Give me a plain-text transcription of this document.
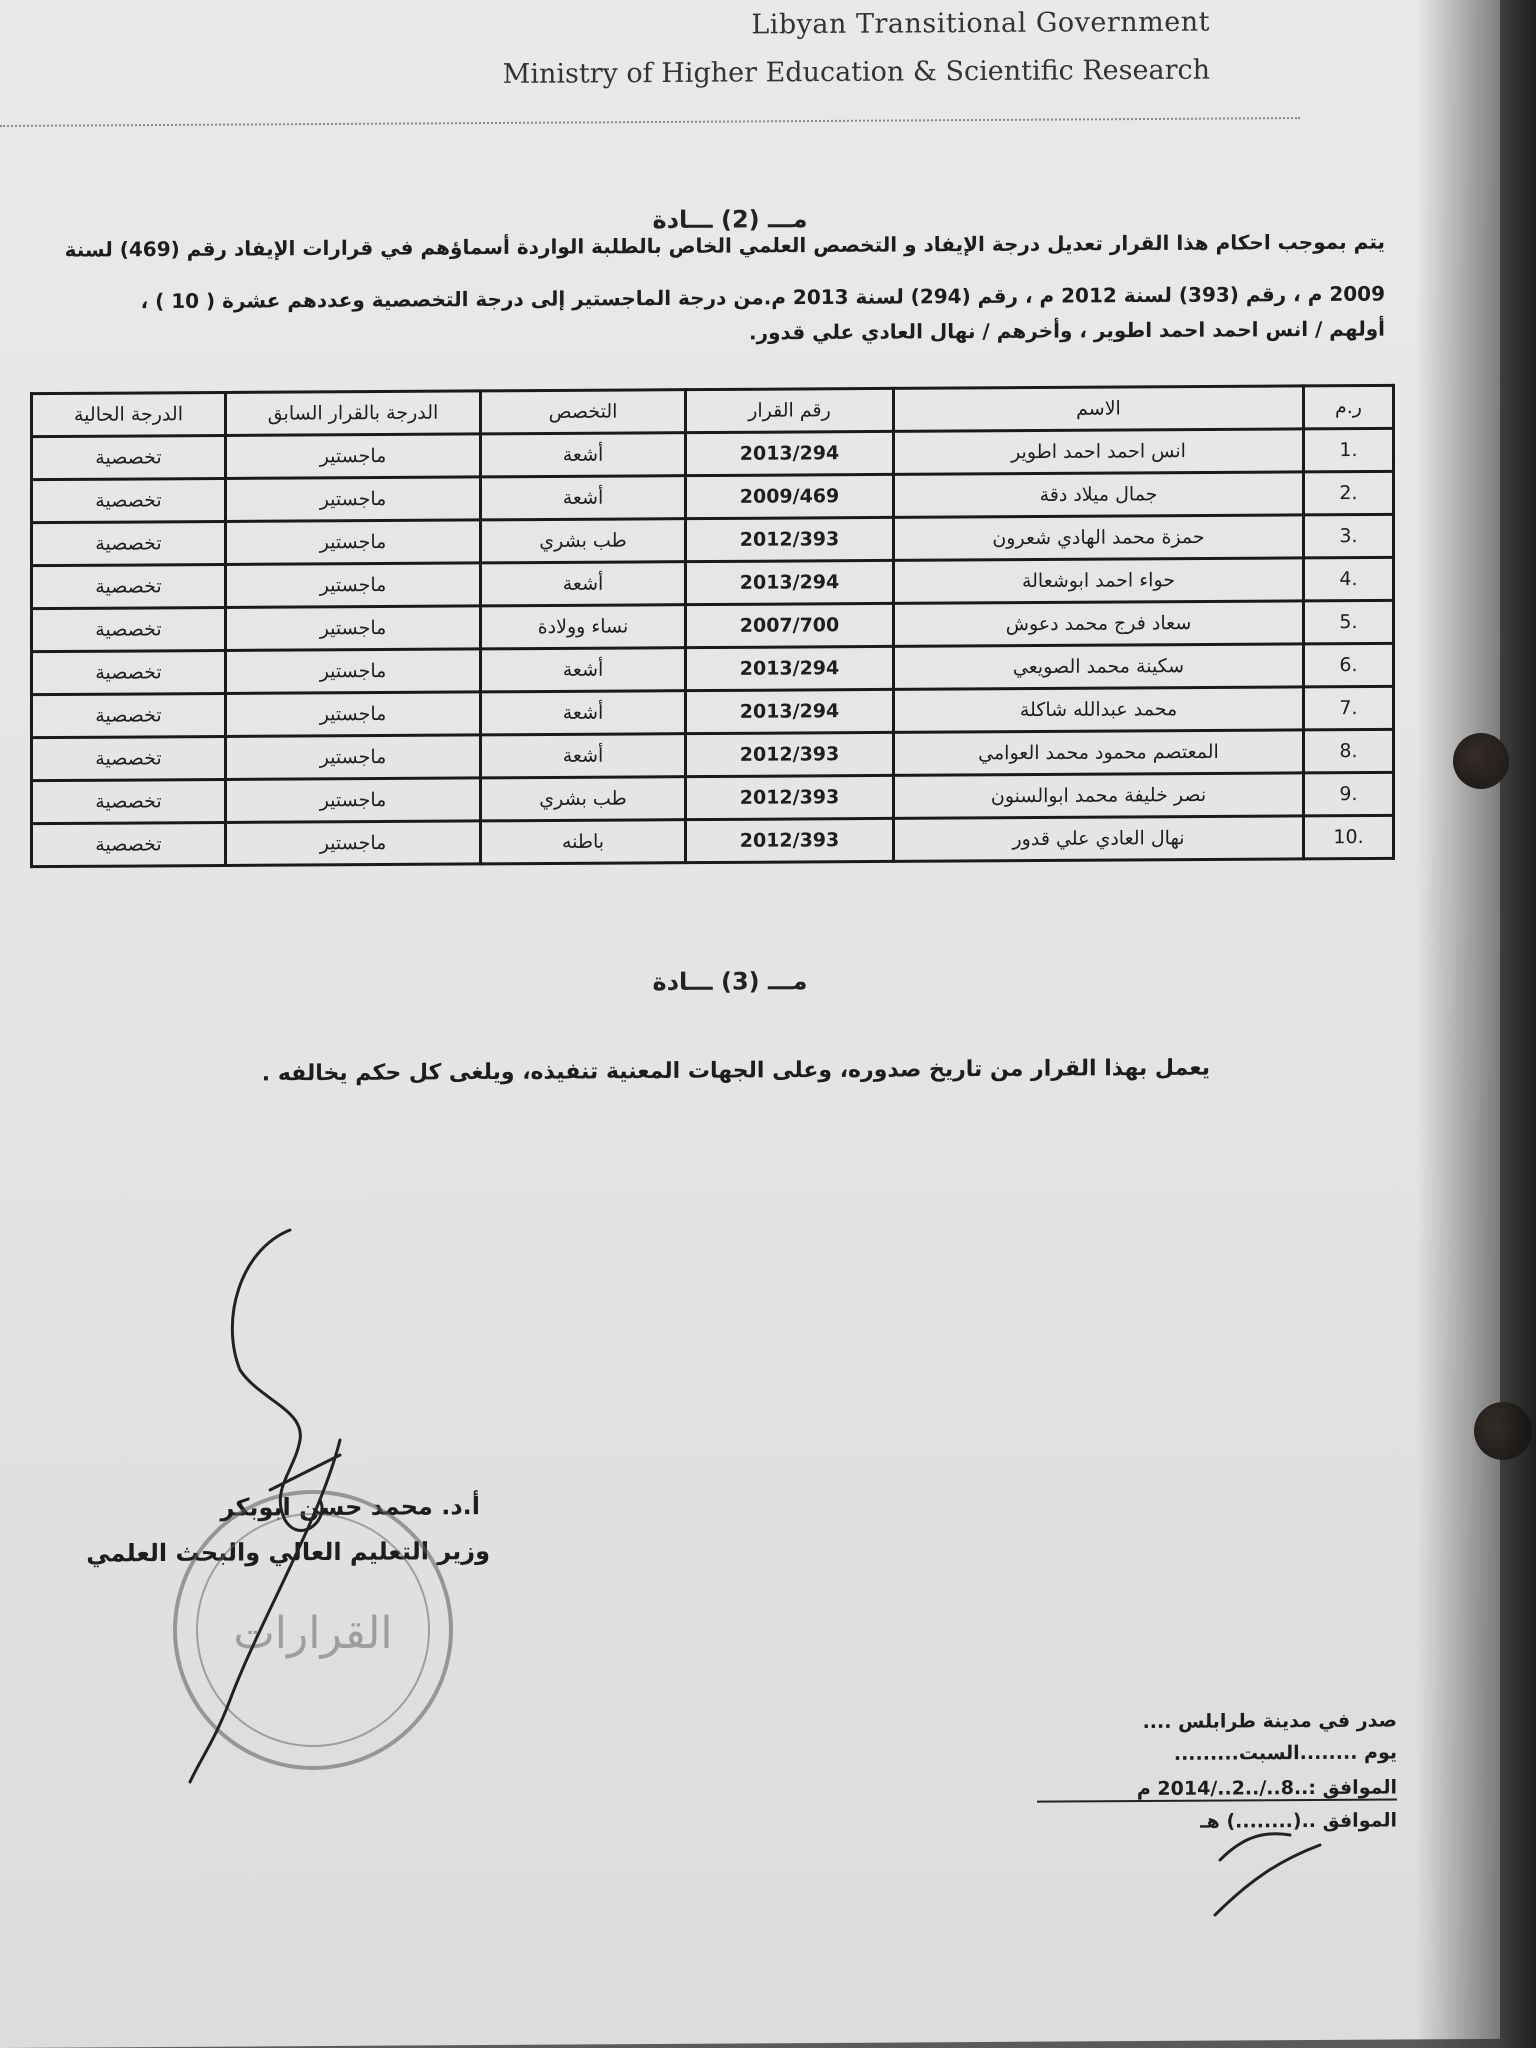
Libyan Transitional Government
Ministry of Higher Education & Scientific Research
مـــ (2) ـــادة
يتم بموجب احكام هذا القرار تعديل درجة الإيفاد و التخصص العلمي الخاص بالطلبة الواردة أسماؤهم في قرارات الإيفاد رقم (469) لسنة
2009 م ، رقم (393) لسنة 2012 م ، رقم (294) لسنة 2013 م.من درجة الماجستير إلى درجة التخصصية وعددهم عشرة ( 10 ) ،
أولهم / انس احمد احمد اطوير ، وأخرهم / نهال العادي علي قدور.
مـــ (3) ـــادة
يعمل بهذا القرار من تاريخ صدوره، وعلى الجهات المعنية تنفيذه، ويلغى كل حكم يخالفه .
أ.د. محمد حسن ابوبكر
وزير التعليم العالي والبحث العلمي
صدر في مدينة طرابلس ....
يوم ........السبت.........
الموافق :..8../..2../2014 م
الموافق ..(........) هـ
ر.م	الاسم	رقم القرار	التخصص	الدرجة بالقرار السابق	الدرجة الحالية
1.	انس احمد احمد اطوير	2013/294	أشعة	ماجستير	تخصصية
2.	جمال ميلاد دقة	2009/469	أشعة	ماجستير	تخصصية
3.	حمزة محمد الهادي شعرون	2012/393	طب بشري	ماجستير	تخصصية
4.	حواء احمد ابوشعالة	2013/294	أشعة	ماجستير	تخصصية
5.	سعاد فرج محمد دعوش	2007/700	نساء وولادة	ماجستير	تخصصية
6.	سكينة محمد الصويعي	2013/294	أشعة	ماجستير	تخصصية
7.	محمد عبدالله شاكلة	2013/294	أشعة	ماجستير	تخصصية
8.	المعتصم محمود محمد العوامي	2012/393	أشعة	ماجستير	تخصصية
9.	نصر خليفة محمد ابوالسنون	2012/393	طب بشري	ماجستير	تخصصية
10.	نهال العادي علي قدور	2012/393	باطنه	ماجستير	تخصصية
القرارات
